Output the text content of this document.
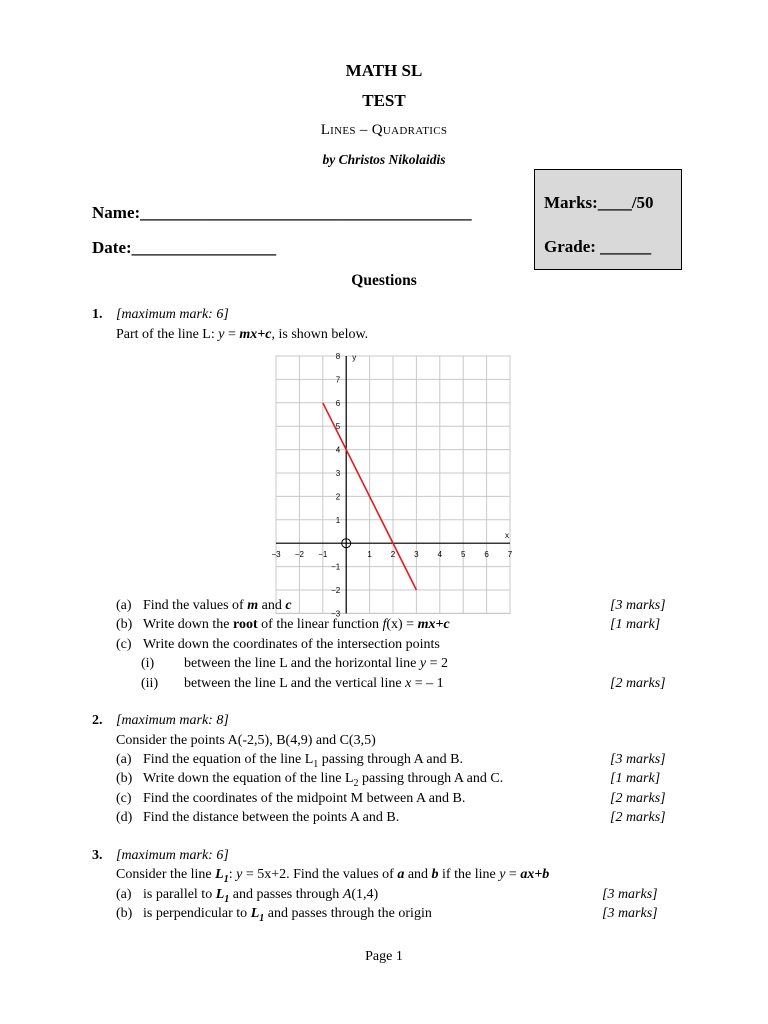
MATH SL
TEST
Lines – Quadratics
by Christos Nikolaidis
Name:_______________________________________
Date:_________________
Marks:____/50
Grade: ______
Questions
1. [maximum mark: 6]
Part of the line L: y = mx+c, is shown below.
−3 −2 −1	1 2 3 4 5 6 7
8
7
6
5
4
3
2
1
−1
−2
−3
x
y
(a) Find the values of m and c	[3 marks]
(b) Write down the root of the linear function f(x) = mx+c	[1 mark]
(c) Write down the coordinates of the intersection points
(i) between the line L and the horizontal line y = 2
(ii) between the line L and the vertical line x = – 1	[2 marks]
2. [maximum mark: 8]
Consider the points A(-2,5), B(4,9) and C(3,5)
(a) Find the equation of the line $L_1$ passing through A and B.	[3 marks]
(b) Write down the equation of the line $L_2$ passing through A and C.	[1 mark]
(c) Find the coordinates of the midpoint M between A and B.	[2 marks]
(d) Find the distance between the points A and B.	[2 marks]
3. [maximum mark: 6]
Consider the line $L_1$: y = 5x+2. Find the values of a and b if the line y = ax+b
(a) is parallel to $L_1$ and passes through A(1,4)	[3 marks]
(b) is perpendicular to $L_1$ and passes through the origin	[3 marks]
Page 1
